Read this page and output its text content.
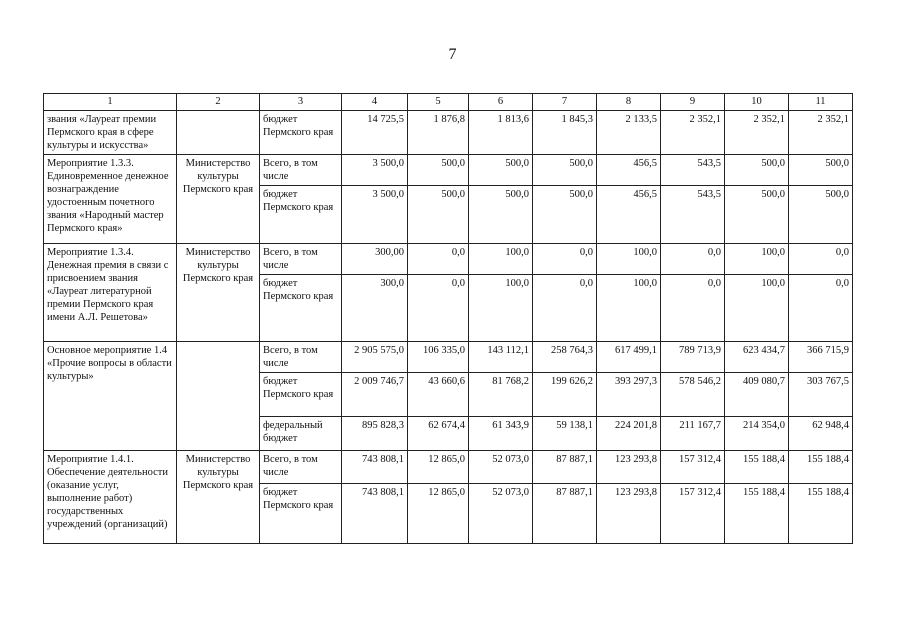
7
1	2	3	4	5	6	7	8	9	10	11
звания «Лауреат премии Пермского края в сфере культуры и искусства»		бюджет Пермского края	14 725,5	1 876,8	1 813,6	1 845,3	2 133,5	2 352,1	2 352,1	2 352,1
Мероприятие 1.3.3. Единовременное денежное вознаграждение удостоенным почетного звания «Народный мастер Пермского края»	Министерство культуры Пермского края	Всего, в том числе	3 500,0	500,0	500,0	500,0	456,5	543,5	500,0	500,0
		бюджет Пермского края	3 500,0	500,0	500,0	500,0	456,5	543,5	500,0	500,0
Мероприятие 1.3.4. Денежная премия в связи с присвоением звания «Лауреат литературной премии Пермского края имени А.Л. Решетова»	Министерство культуры Пермского края	Всего, в том числе	300,00	0,0	100,0	0,0	100,0	0,0	100,0	0,0
		бюджет Пермского края	300,0	0,0	100,0	0,0	100,0	0,0	100,0	0,0
Основное мероприятие 1.4 «Прочие вопросы в области культуры»		Всего, в том числе	2 905 575,0	106 335,0	143 112,1	258 764,3	617 499,1	789 713,9	623 434,7	366 715,9
		бюджет Пермского края	2 009 746,7	43 660,6	81 768,2	199 626,2	393 297,3	578 546,2	409 080,7	303 767,5
		федеральный бюджет	895 828,3	62 674,4	61 343,9	59 138,1	224 201,8	211 167,7	214 354,0	62 948,4
Мероприятие 1.4.1. Обеспечение деятельности (оказание услуг, выполнение работ) государственных учреждений (организаций)	Министерство культуры Пермского края	Всего, в том числе	743 808,1	12 865,0	52 073,0	87 887,1	123 293,8	157 312,4	155 188,4	155 188,4
		бюджет Пермского края	743 808,1	12 865,0	52 073,0	87 887,1	123 293,8	157 312,4	155 188,4	155 188,4
